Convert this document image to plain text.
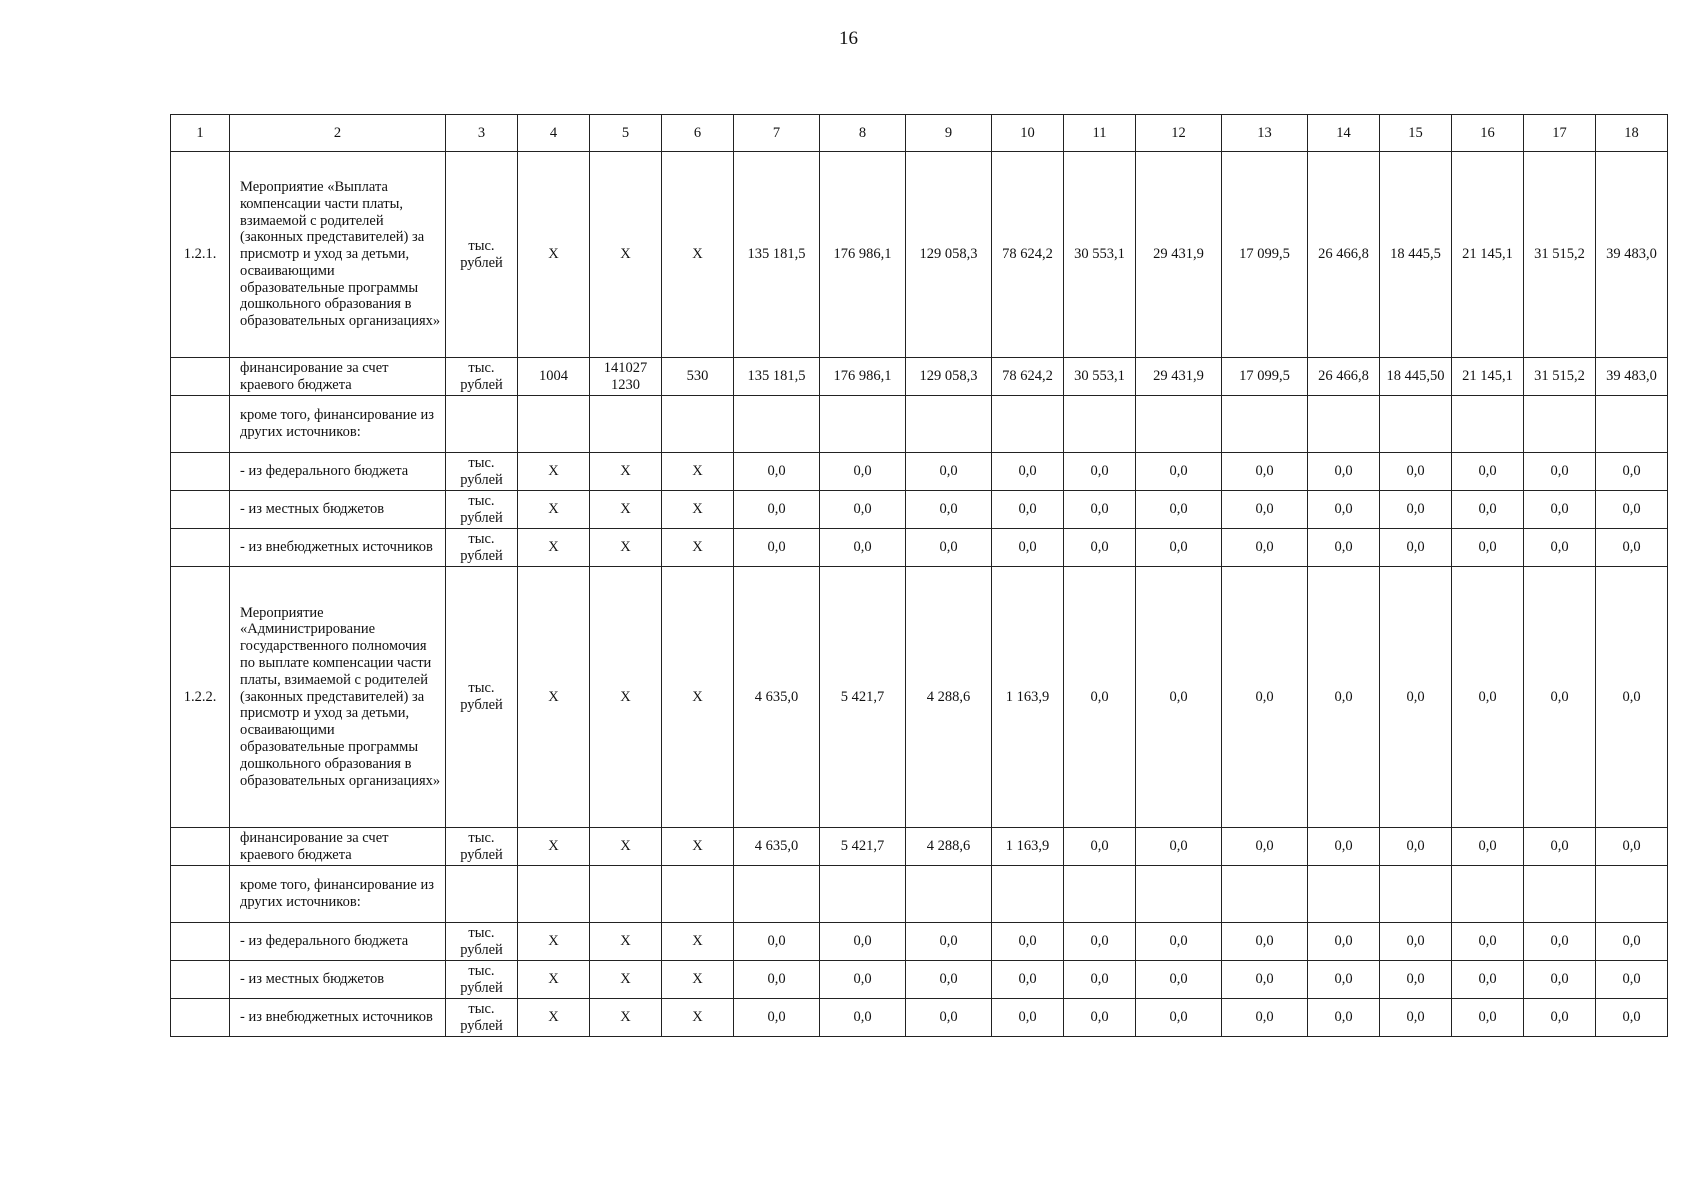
16
1	2	3	4	5	6	7	8	9	10	11	12	13	14	15	16	17	18
1.2.1.	Мероприятие «Выплата компенсации части платы, взимаемой с родителей (законных представителей) за присмотр и уход за детьми, осваивающими образовательные программы дошкольного образования в образовательных организациях»	тыс. рублей	X	X	X	135 181,5	176 986,1	129 058,3	78 624,2	30 553,1	29 431,9	17 099,5	26 466,8	18 445,5	21 145,1	31 515,2	39 483,0
	финансирование за счет краевого бюджета	тыс. рублей	1004	141027 1230	530	135 181,5	176 986,1	129 058,3	78 624,2	30 553,1	29 431,9	17 099,5	26 466,8	18 445,50	21 145,1	31 515,2	39 483,0
	кроме того, финансирование из других источников:																
	- из федерального бюджета	тыс. рублей	X	X	X	0,0	0,0	0,0	0,0	0,0	0,0	0,0	0,0	0,0	0,0	0,0	0,0
	- из местных бюджетов	тыс. рублей	X	X	X	0,0	0,0	0,0	0,0	0,0	0,0	0,0	0,0	0,0	0,0	0,0	0,0
	- из внебюджетных источников	тыс. рублей	X	X	X	0,0	0,0	0,0	0,0	0,0	0,0	0,0	0,0	0,0	0,0	0,0	0,0
1.2.2.	Мероприятие «Администрирование государственного полномочия по выплате компенсации части платы, взимаемой с родителей (законных представителей) за присмотр и уход за детьми, осваивающими образовательные программы дошкольного образования в образовательных организациях»	тыс. рублей	X	X	X	4 635,0	5 421,7	4 288,6	1 163,9	0,0	0,0	0,0	0,0	0,0	0,0	0,0	0,0
	финансирование за счет краевого бюджета	тыс. рублей	X	X	X	4 635,0	5 421,7	4 288,6	1 163,9	0,0	0,0	0,0	0,0	0,0	0,0	0,0	0,0
	кроме того, финансирование из других источников:																
	- из федерального бюджета	тыс. рублей	X	X	X	0,0	0,0	0,0	0,0	0,0	0,0	0,0	0,0	0,0	0,0	0,0	0,0
	- из местных бюджетов	тыс. рублей	X	X	X	0,0	0,0	0,0	0,0	0,0	0,0	0,0	0,0	0,0	0,0	0,0	0,0
	- из внебюджетных источников	тыс. рублей	X	X	X	0,0	0,0	0,0	0,0	0,0	0,0	0,0	0,0	0,0	0,0	0,0	0,0
